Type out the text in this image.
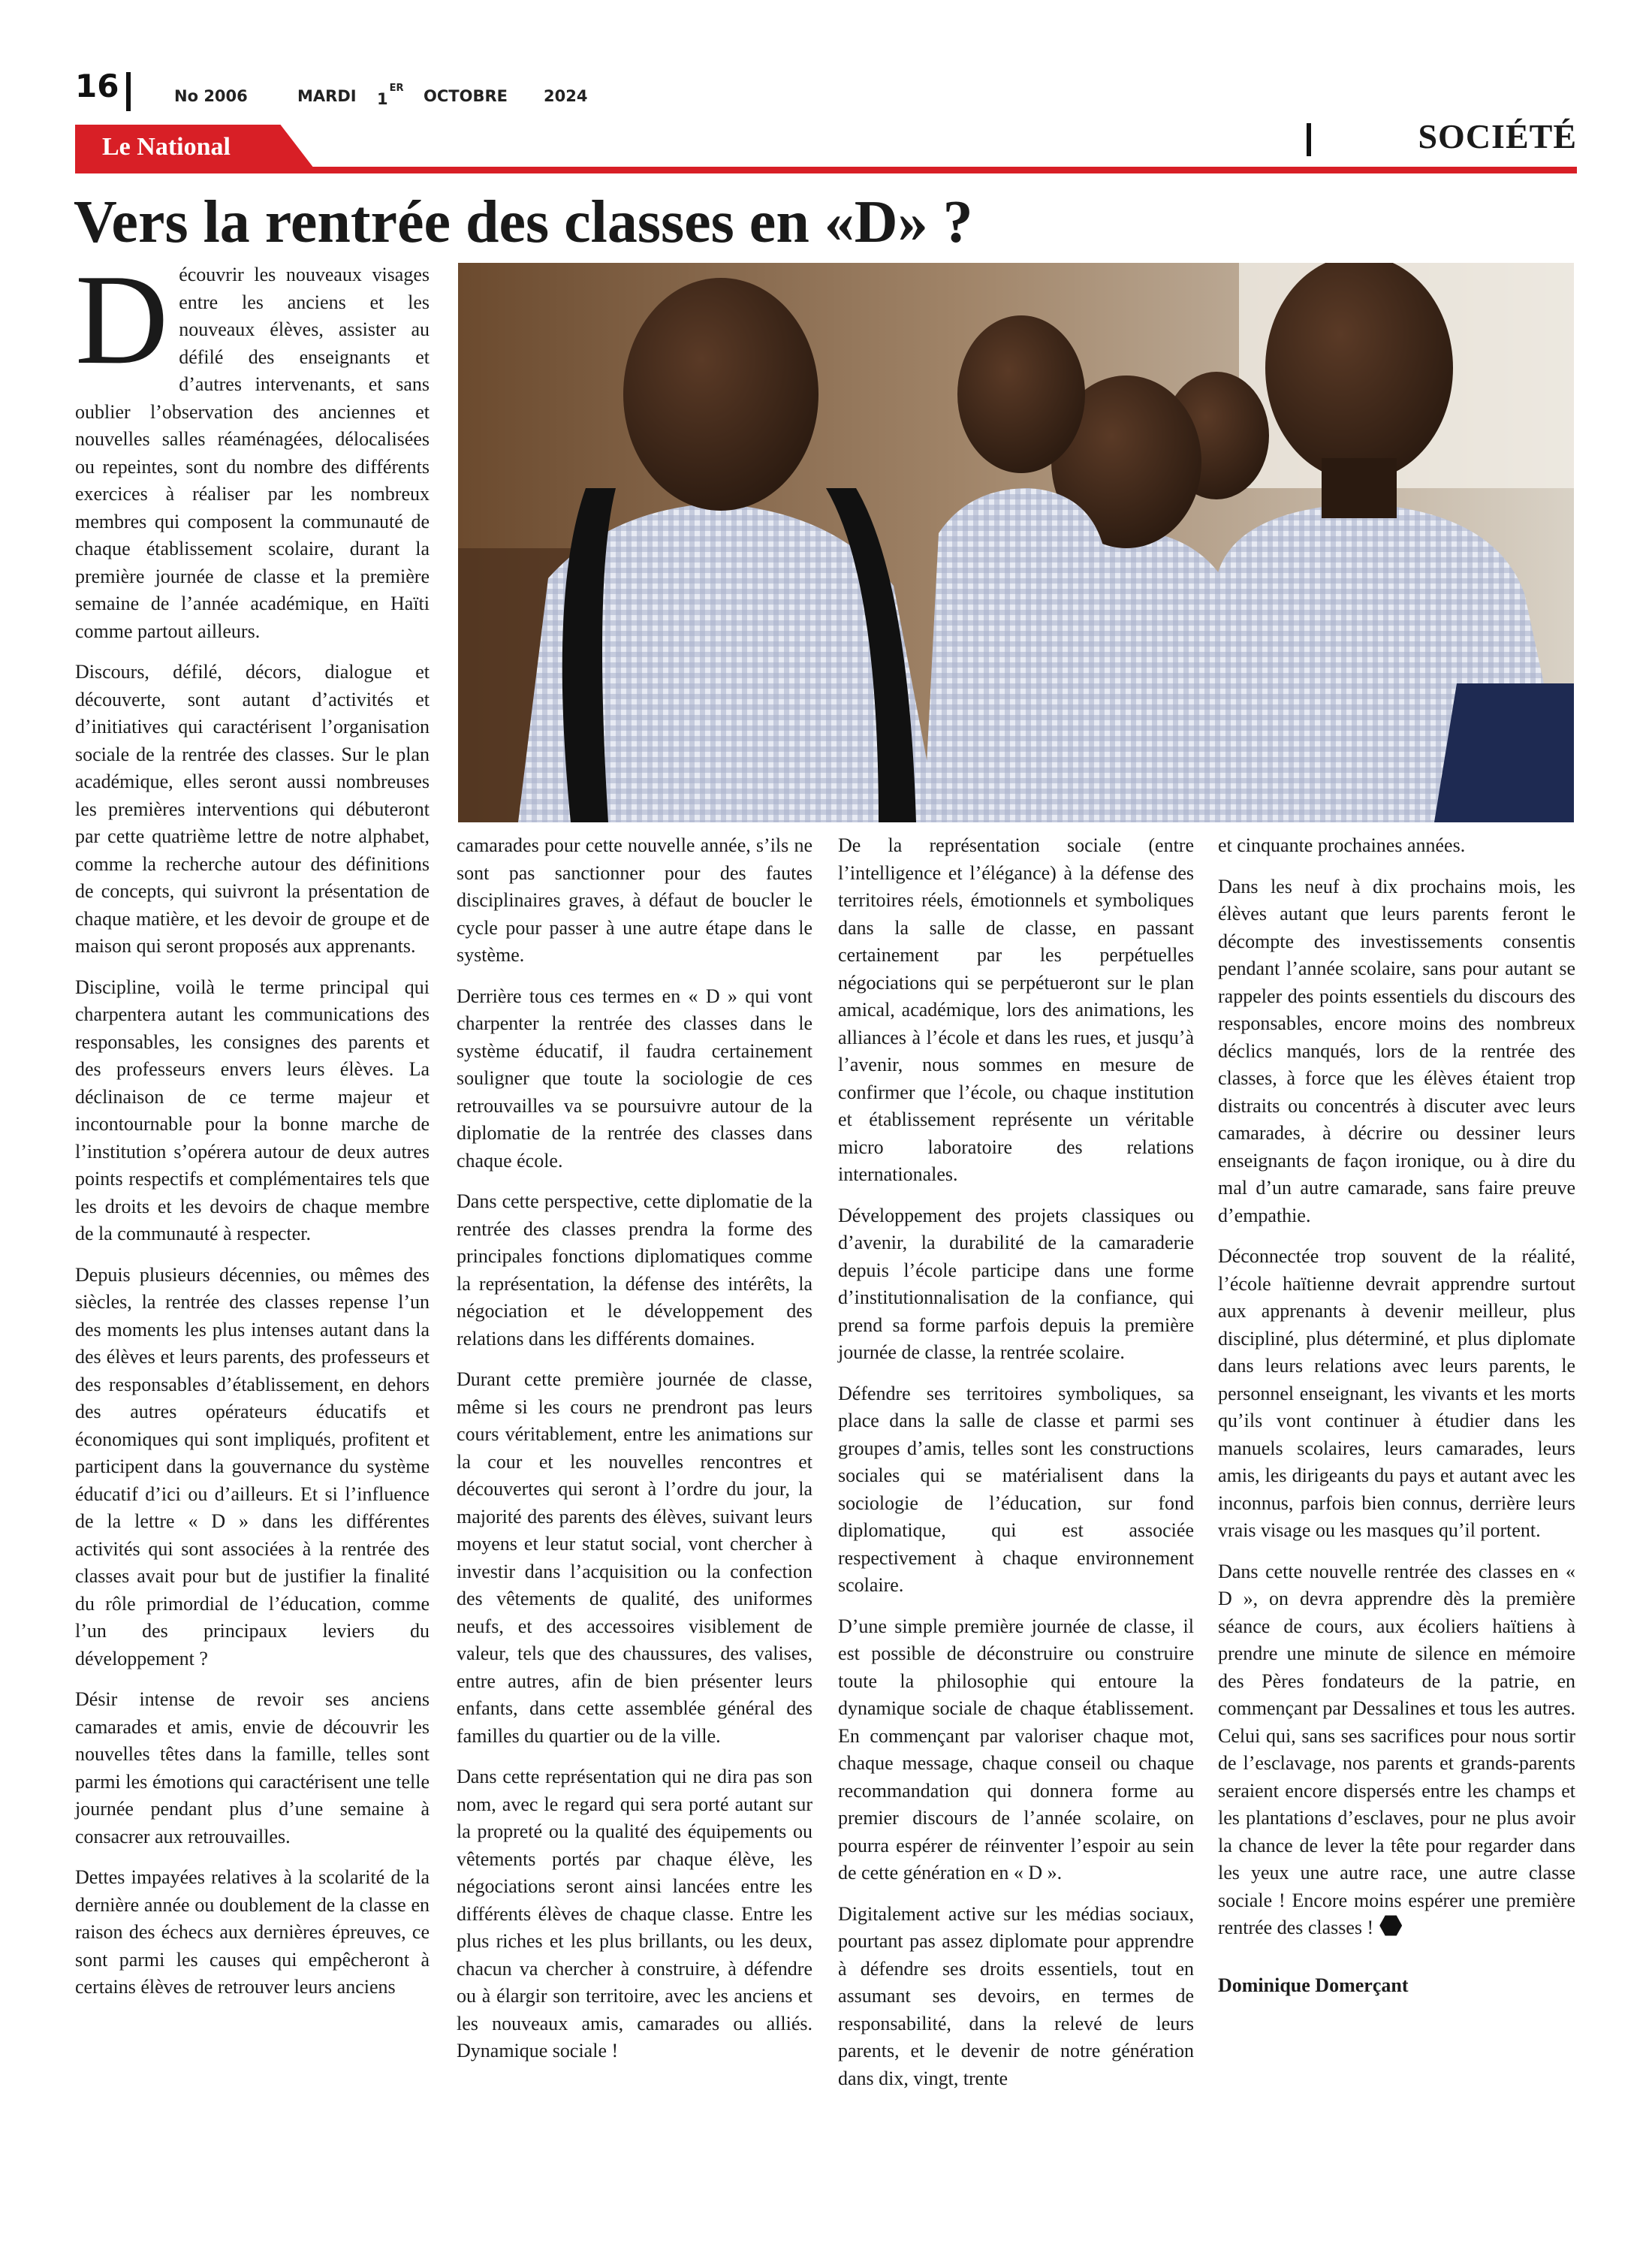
16	No 2006	MARDI 1ER OCTOBRE 2024
Le National	SOCIÉTÉ
Vers la rentrée des classes en «D» ?

Découvrir les nouveaux visages entre les anciens et les nouveaux élèves, assister au défilé des enseignants et d’autres intervenants, et sans oublier l’observation des anciennes et nouvelles salles réaménagées, délocalisées ou repeintes, sont du nombre des différents exercices à réaliser par les nombreux membres qui composent la communauté de chaque établissement scolaire, durant la première journée de classe et la première semaine de l’année académique, en Haïti comme partout ailleurs.

Discours, défilé, décors, dialogue et découverte, sont autant d’activités et d’initiatives qui caractérisent l’organisation sociale de la rentrée des classes. Sur le plan académique, elles seront aussi nombreuses les premières interventions qui débuteront par cette quatrième lettre de notre alphabet, comme la recherche autour des définitions de concepts, qui suivront la présentation de chaque matière, et les devoir de groupe et de maison qui seront proposés aux apprenants.

Discipline, voilà le terme principal qui charpentera autant les communications des responsables, les consignes des parents et des professeurs envers leurs élèves. La déclinaison de ce terme majeur et incontournable pour la bonne marche de l’institution s’opérera autour de deux autres points respectifs et complémentaires tels que les droits et les devoirs de chaque membre de la communauté à respecter.

Depuis plusieurs décennies, ou mêmes des siècles, la rentrée des classes repense l’un des moments les plus intenses autant dans la des élèves et leurs parents, des professeurs et des responsables d’établissement, en dehors des autres opérateurs éducatifs et économiques qui sont impliqués, profitent et participent dans la gouvernance du système éducatif d’ici ou d’ailleurs. Et si l’influence de la lettre « D » dans les différentes activités qui sont associées à la rentrée des classes avait pour but de justifier la finalité du rôle primordial de l’éducation, comme l’un des principaux leviers du développement ?

Désir intense de revoir ses anciens camarades et amis, envie de découvrir les nouvelles têtes dans la famille, telles sont parmi les émotions qui caractérisent une telle journée pendant plus d’une semaine à consacrer aux retrouvailles.

Dettes impayées relatives à la scolarité de la dernière année ou doublement de la classe en raison des échecs aux dernières épreuves, ce sont parmi les causes qui empêcheront à certains élèves de retrouver leurs anciens

camarades pour cette nouvelle année, s’ils ne sont pas sanctionner pour des fautes disciplinaires graves, à défaut de boucler le cycle pour passer à une autre étape dans le système.

Derrière tous ces termes en « D » qui vont charpenter la rentrée des classes dans le système éducatif, il faudra certainement souligner que toute la sociologie de ces retrouvailles va se poursuivre autour de la diplomatie de la rentrée des classes dans chaque école.

Dans cette perspective, cette diplomatie de la rentrée des classes prendra la forme des principales fonctions diplomatiques comme la représentation, la défense des intérêts, la négociation et le développement des relations dans les différents domaines.

Durant cette première journée de classe, même si les cours ne prendront pas leurs cours véritablement, entre les animations sur la cour et les nouvelles rencontres et découvertes qui seront à l’ordre du jour, la majorité des parents des élèves, suivant leurs moyens et leur statut social, vont chercher à investir dans l’acquisition ou la confection des vêtements de qualité, des uniformes neufs, et des accessoires visiblement de valeur, tels que des chaussures, des valises, entre autres, afin de bien présenter leurs enfants, dans cette assemblée général des familles du quartier ou de la ville.

Dans cette représentation qui ne dira pas son nom, avec le regard qui sera porté autant sur la propreté ou la qualité des équipements ou vêtements portés par chaque élève, les négociations seront ainsi lancées entre les différents élèves de chaque classe. Entre les plus riches et les plus brillants, ou les deux, chacun va chercher à construire, à défendre ou à élargir son territoire, avec les anciens et les nouveaux amis, camarades ou alliés. Dynamique sociale !

De la représentation sociale (entre l’intelligence et l’élégance) à la défense des territoires réels, émotionnels et symboliques dans la salle de classe, en passant certainement par les perpétuelles négociations qui se perpétueront sur le plan amical, académique, lors des animations, les alliances à l’école et dans les rues, et jusqu’à l’avenir, nous sommes en mesure de confirmer que l’école, ou chaque institution et établissement représente un véritable micro laboratoire des relations internationales.

Développement des projets classiques ou d’avenir, la durabilité de la camaraderie depuis l’école participe dans une forme d’institutionnalisation de la confiance, qui prend sa forme parfois depuis la première journée de classe, la rentrée scolaire.

Défendre ses territoires symboliques, sa place dans la salle de classe et parmi ses groupes d’amis, telles sont les constructions sociales qui se matérialisent dans la sociologie de l’éducation, sur fond diplomatique, qui est associée respectivement à chaque environnement scolaire.

D’une simple première journée de classe, il est possible de déconstruire ou construire toute la philosophie qui entoure la dynamique sociale de chaque établissement. En commençant par valoriser chaque mot, chaque message, chaque conseil ou chaque recommandation qui donnera forme au premier discours de l’année scolaire, on pourra espérer de réinventer l’espoir au sein de cette génération en « D ».

Digitalement active sur les médias sociaux, pourtant pas assez diplomate pour apprendre à défendre ses droits essentiels, tout en assumant ses devoirs, en termes de responsabilité, dans la relevé de leurs parents, et le devenir de notre génération dans dix, vingt, trente

et cinquante prochaines années.

Dans les neuf à dix prochains mois, les élèves autant que leurs parents feront le décompte des investissements consentis pendant l’année scolaire, sans pour autant se rappeler des points essentiels du discours des responsables, encore moins des nombreux déclics manqués, lors de la rentrée des classes, à force que les élèves étaient trop distraits ou concentrés à discuter avec leurs camarades, à décrire ou dessiner leurs enseignants de façon ironique, ou à dire du mal d’un autre camarade, sans faire preuve d’empathie.

Déconnectée trop souvent de la réalité, l’école haïtienne devrait apprendre surtout aux apprenants à devenir meilleur, plus discipliné, plus déterminé, et plus diplomate dans leurs relations avec leurs parents, le personnel enseignant, les vivants et les morts qu’ils vont continuer à étudier dans les manuels scolaires, leurs camarades, leurs amis, les dirigeants du pays et autant avec les inconnus, parfois bien connus, derrière leurs vrais visage ou les masques qu’il portent.

Dans cette nouvelle rentrée des classes en « D », on devra apprendre dès la première séance de cours, aux écoliers haïtiens à prendre une minute de silence en mémoire des Pères fondateurs de la patrie, en commençant par Dessalines et tous les autres. Celui qui, sans ses sacrifices pour nous sortir de l’esclavage, nos parents et grands-parents seraient encore dispersés entre les champs et les plantations d’esclaves, pour ne plus avoir la chance de lever la tête pour regarder dans les yeux une autre race, une autre classe sociale ! Encore moins espérer une première rentrée des classes !

Dominique Domerçant
